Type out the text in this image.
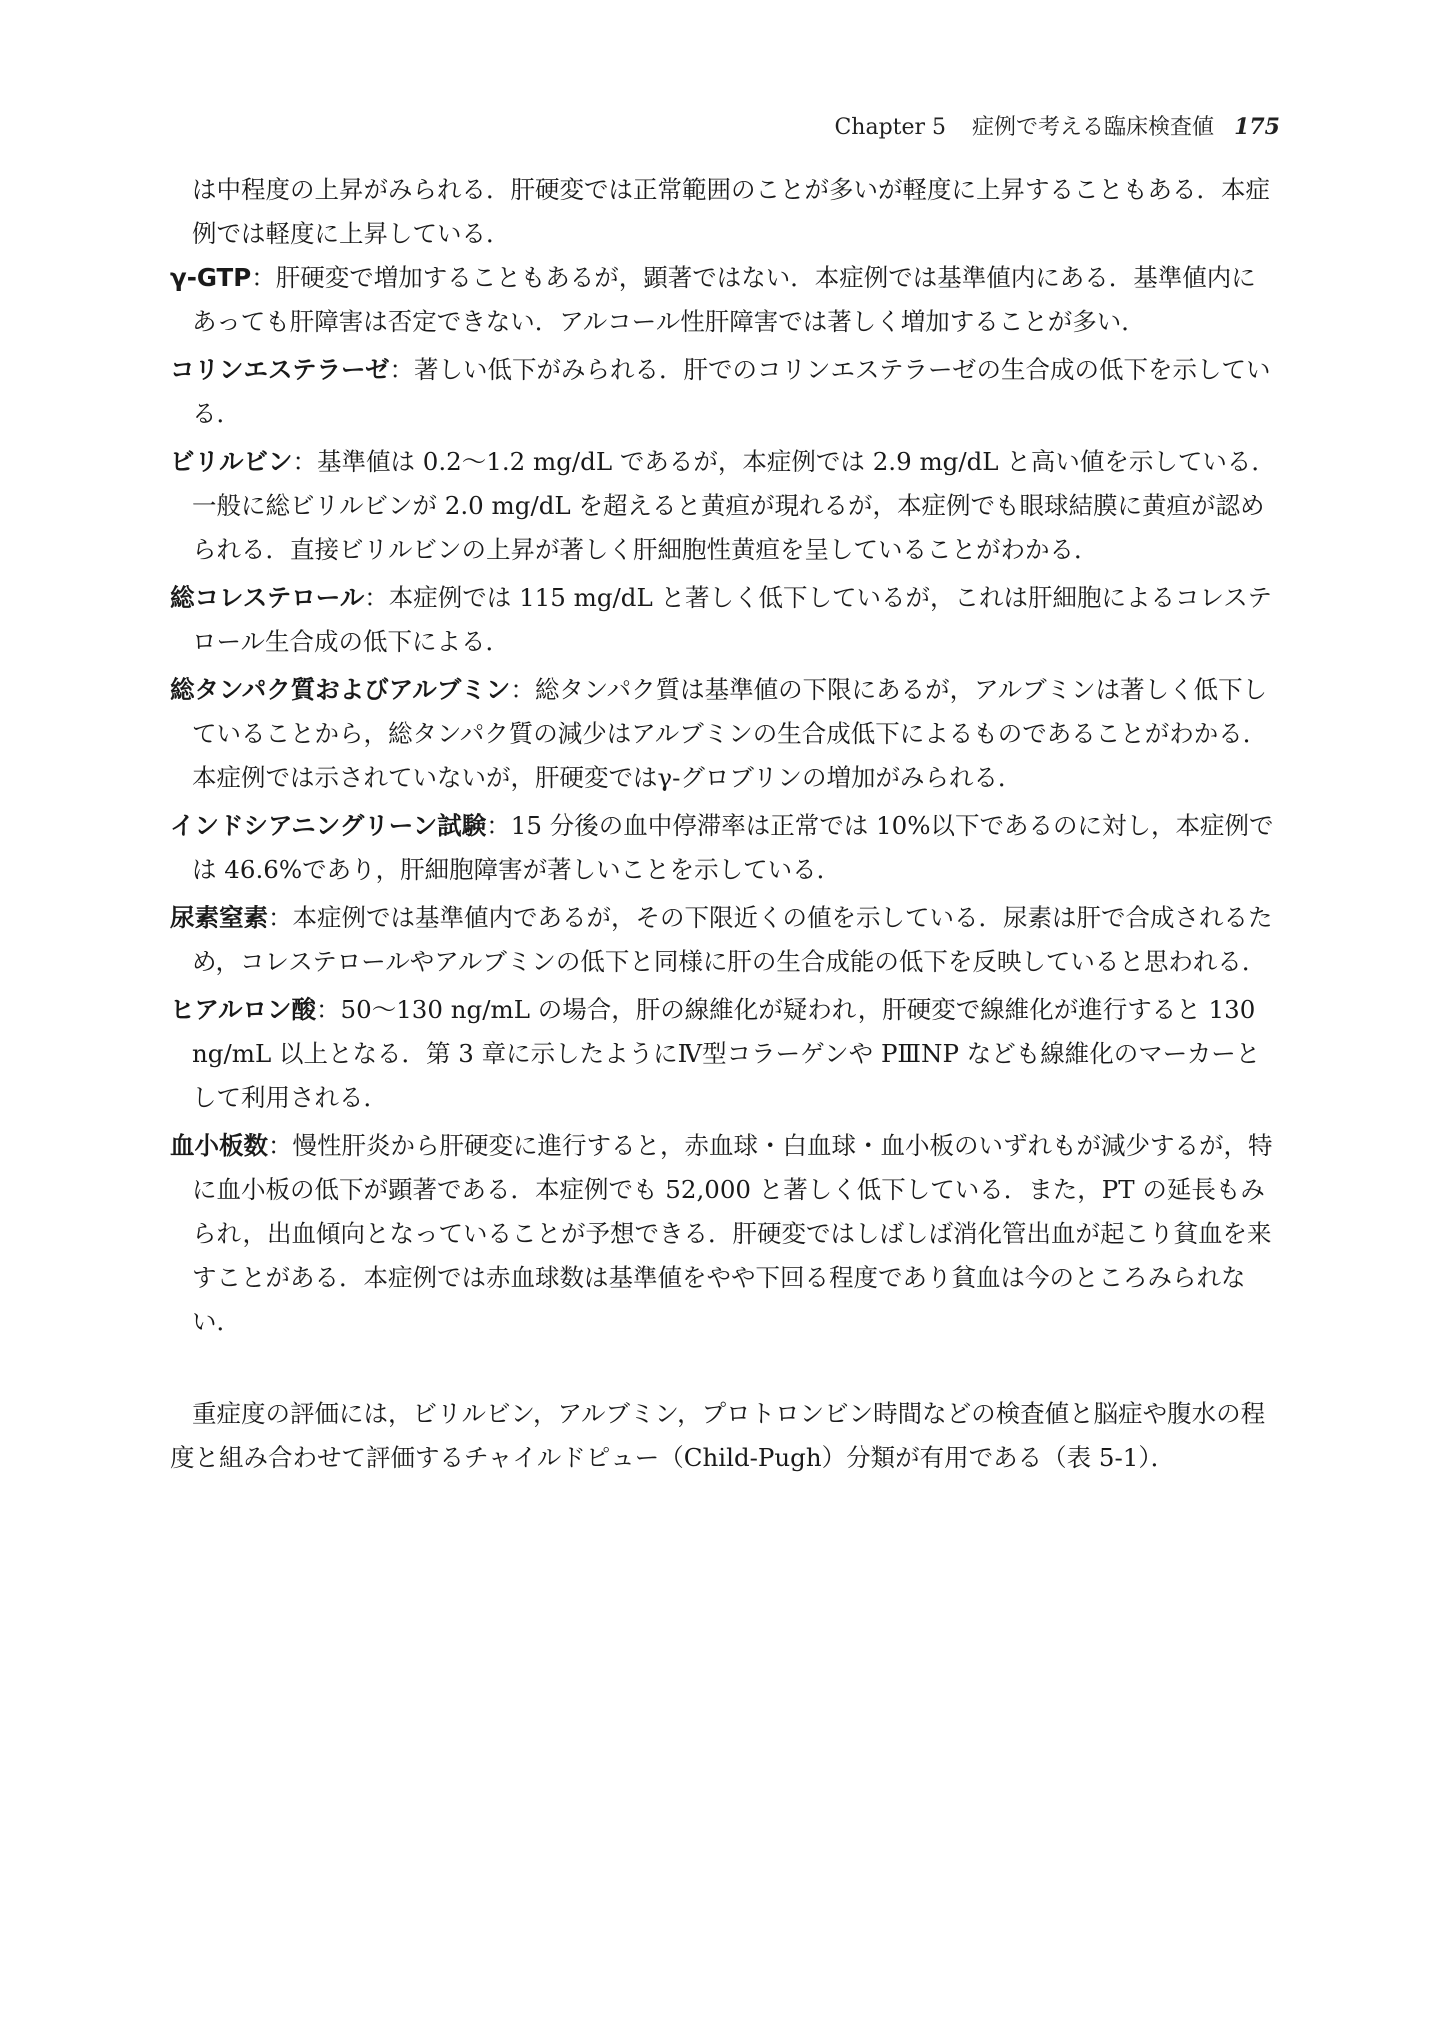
Chapter 5 症例で考える臨床検査値 175

は中程度の上昇がみられる．肝硬変では正常範囲のことが多いが軽度に上昇することもある．本症例では軽度に上昇している．

γ-GTP：肝硬変で増加することもあるが，顕著ではない．本症例では基準値内にある．基準値内にあっても肝障害は否定できない．アルコール性肝障害では著しく増加することが多い．

コリンエステラーゼ：著しい低下がみられる．肝でのコリンエステラーゼの生合成の低下を示している．

ビリルビン：基準値は 0.2〜1.2 mg/dL であるが，本症例では 2.9 mg/dL と高い値を示している．一般に総ビリルビンが 2.0 mg/dL を超えると黄疸が現れるが，本症例でも眼球結膜に黄疸が認められる．直接ビリルビンの上昇が著しく肝細胞性黄疸を呈していることがわかる．

総コレステロール：本症例では 115 mg/dL と著しく低下しているが，これは肝細胞によるコレステロール生合成の低下による．

総タンパク質およびアルブミン：総タンパク質は基準値の下限にあるが，アルブミンは著しく低下していることから，総タンパク質の減少はアルブミンの生合成低下によるものであることがわかる．本症例では示されていないが，肝硬変ではγ-グロブリンの増加がみられる．

インドシアニングリーン試験：15 分後の血中停滞率は正常では 10%以下であるのに対し，本症例では 46.6%であり，肝細胞障害が著しいことを示している．

尿素窒素：本症例では基準値内であるが，その下限近くの値を示している．尿素は肝で合成されるため，コレステロールやアルブミンの低下と同様に肝の生合成能の低下を反映していると思われる．

ヒアルロン酸：50〜130 ng/mL の場合，肝の線維化が疑われ，肝硬変で線維化が進行すると 130 ng/mL 以上となる．第 3 章に示したようにⅣ型コラーゲンや PⅢNP なども線維化のマーカーとして利用される．

血小板数：慢性肝炎から肝硬変に進行すると，赤血球・白血球・血小板のいずれもが減少するが，特に血小板の低下が顕著である．本症例でも 52,000 と著しく低下している．また，PT の延長もみられ，出血傾向となっていることが予想できる．肝硬変ではしばしば消化管出血が起こり貧血を来すことがある．本症例では赤血球数は基準値をやや下回る程度であり貧血は今のところみられない．

重症度の評価には，ビリルビン，アルブミン，プロトロンビン時間などの検査値と脳症や腹水の程度と組み合わせて評価するチャイルドピュー（Child-Pugh）分類が有用である（表 5-1）．
